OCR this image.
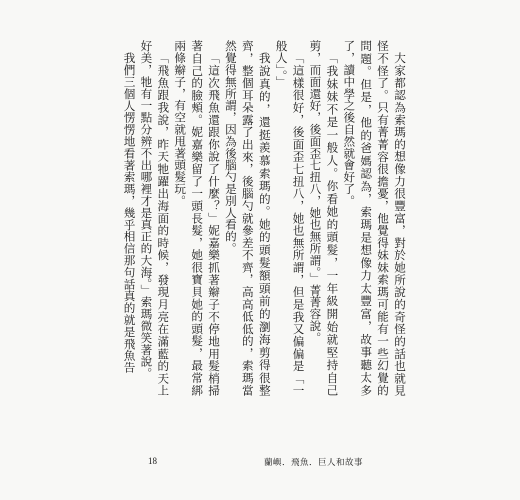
大家都認為索瑪的想像力很豐富，對於她所說的奇怪的話也就見怪不怪了。只有菁菁容很擔憂，他覺得妹妹索瑪可能有一些幻覺的問題。但是，他的爸媽認為，索瑪是想像力太豐富，故事聽太多了，讀中學之後自然就會好了。

「我妹妹不是一般人。你看她的頭髮，一年級開始就堅持自己剪，而面還好，後面歪七扭八，她也無所謂。」菁菁容說。

「這樣很好，後面歪七扭八，她也無所謂，但是我又偏偏是「一般人」。」

我說真的，還挺羨慕索瑪的。她的頭髮額頭前的瀏海剪得很整齊，整個耳朵露了出來，後腦勺就參差不齊，高高低低的，索瑪當然覺得無所謂，因為後腦勺是別人看的。

「這次飛魚還跟你說了什麼？」妮嘉樂抓著辮子不停地用髮梢掃著自己的臉頰。妮嘉樂留了一頭長髮，她很寶貝她的頭髮，最常綁兩條辮子，有空就甩著頭髮玩。

「飛魚跟我說，昨天牠躍出海面的時候，發現月亮在滿藍的天上好美，牠有一點分辨不出哪裡才是真正的大海。」索瑪微笑著說。

我們三個人愣愣地看著索瑪，幾乎相信那句話真的就是飛魚告

18	蘭嶼．飛魚．巨人和故事
